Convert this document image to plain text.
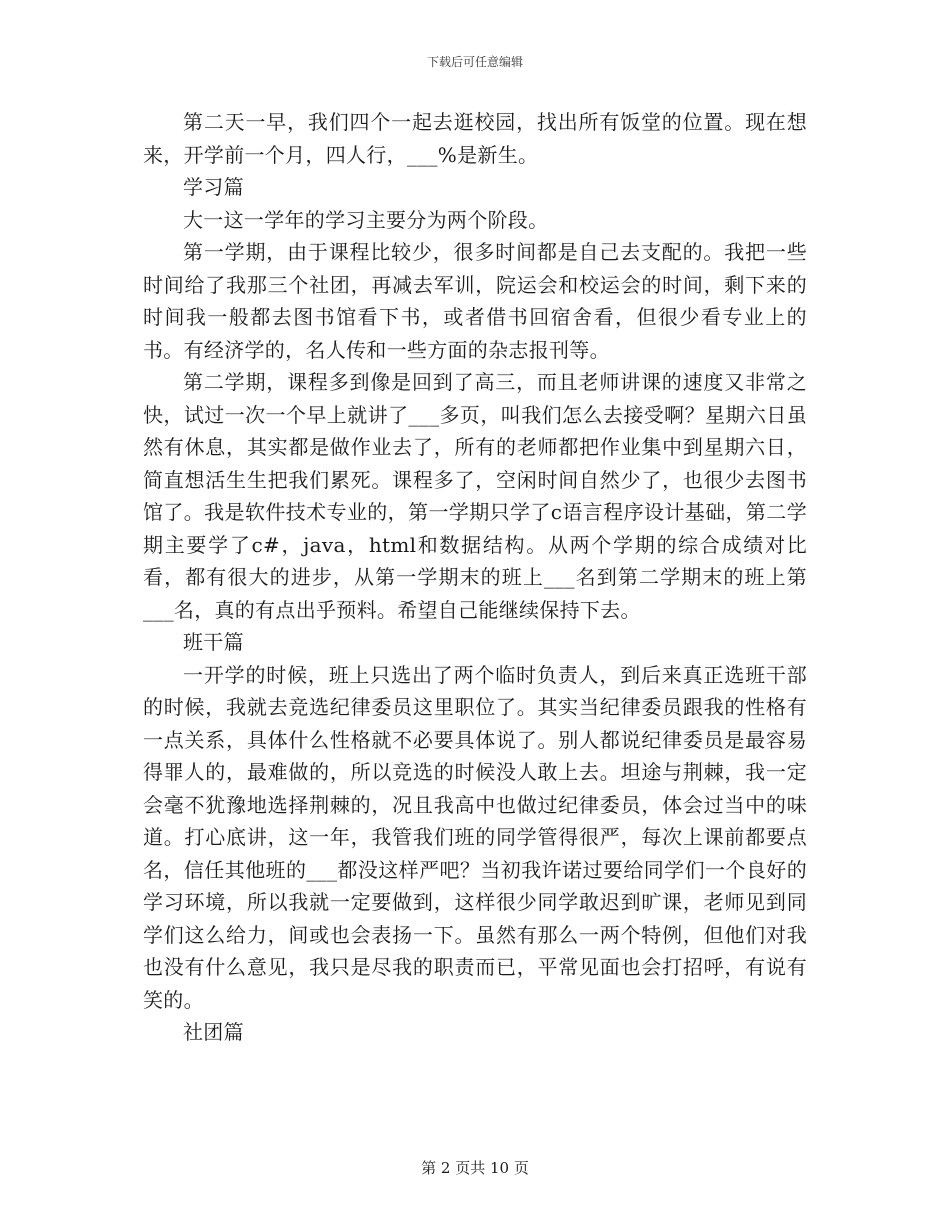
下载后可任意编辑

第二天一早，我们四个一起去逛校园，找出所有饭堂的位置。现在想来，开学前一个月，四人行，___%是新生。

学习篇

大一这一学年的学习主要分为两个阶段。

第一学期，由于课程比较少，很多时间都是自己去支配的。我把一些时间给了我那三个社团，再减去军训，院运会和校运会的时间，剩下来的时间我一般都去图书馆看下书，或者借书回宿舍看，但很少看专业上的书。有经济学的，名人传和一些方面的杂志报刊等。

第二学期，课程多到像是回到了高三，而且老师讲课的速度又非常之快，试过一次一个早上就讲了___多页，叫我们怎么去接受啊？星期六日虽然有休息，其实都是做作业去了，所有的老师都把作业集中到星期六日，简直想活生生把我们累死。课程多了，空闲时间自然少了，也很少去图书馆了。我是软件技术专业的，第一学期只学了c语言程序设计基础，第二学期主要学了c#，java，html和数据结构。从两个学期的综合成绩对比看，都有很大的进步，从第一学期末的班上___名到第二学期末的班上第___名，真的有点出乎预料。希望自己能继续保持下去。

班干篇

一开学的时候，班上只选出了两个临时负责人，到后来真正选班干部的时候，我就去竞选纪律委员这里职位了。其实当纪律委员跟我的性格有一点关系，具体什么性格就不必要具体说了。别人都说纪律委员是最容易得罪人的，最难做的，所以竞选的时候没人敢上去。坦途与荆棘，我一定会毫不犹豫地选择荆棘的，况且我高中也做过纪律委员，体会过当中的味道。打心底讲，这一年，我管我们班的同学管得很严，每次上课前都要点名，信任其他班的___都没这样严吧？当初我许诺过要给同学们一个良好的学习环境，所以我就一定要做到，这样很少同学敢迟到旷课，老师见到同学们这么给力，间或也会表扬一下。虽然有那么一两个特例，但他们对我也没有什么意见，我只是尽我的职责而已，平常见面也会打招呼，有说有笑的。

社团篇

第 2 页共 10 页
